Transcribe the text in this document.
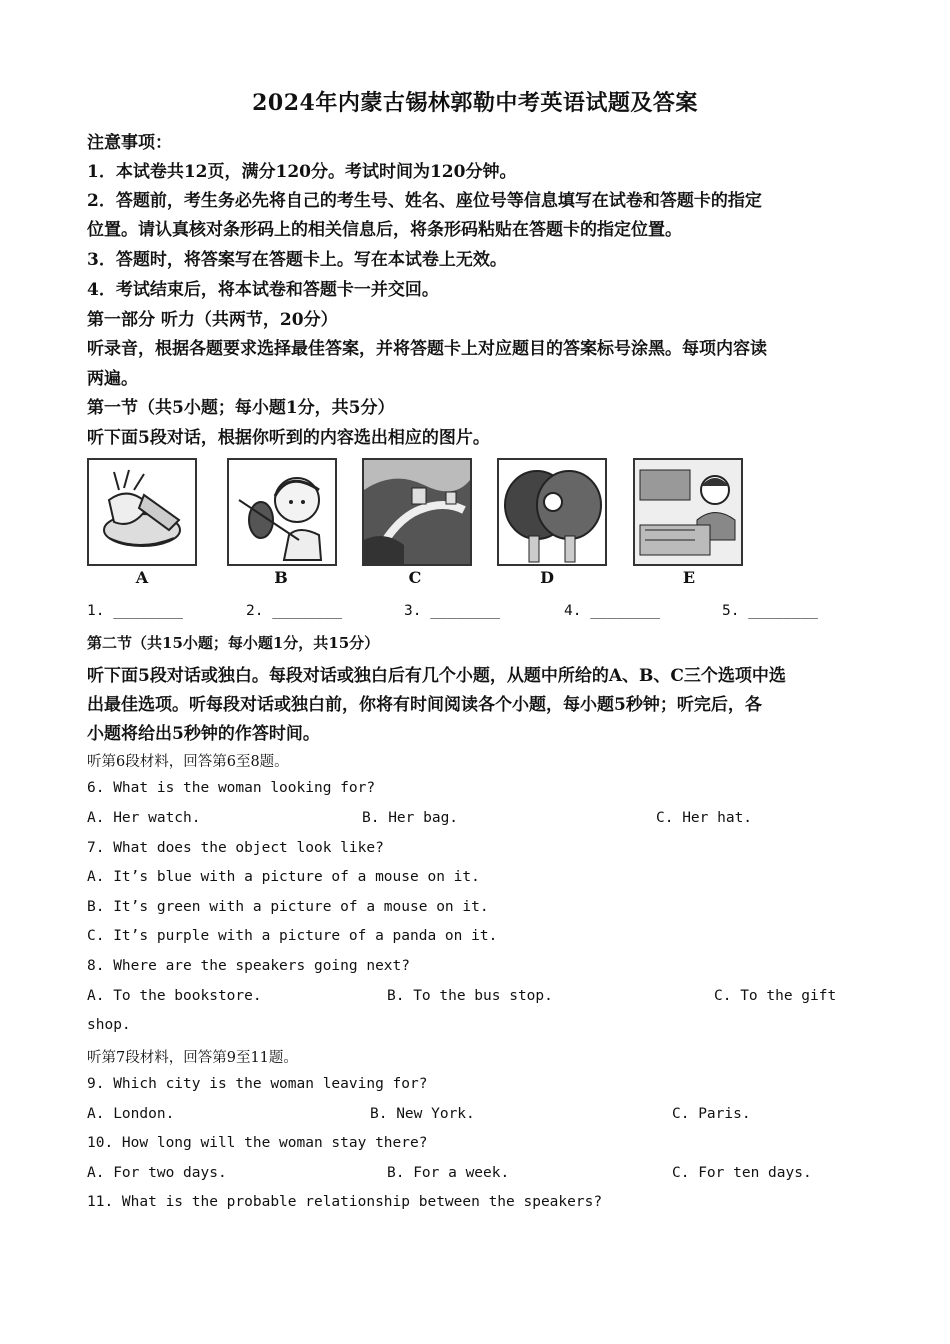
2024年内蒙古锡林郭勒中考英语试题及答案
注意事项：
1．本试卷共12页，满分120分。考试时间为120分钟。
2．答题前，考生务必先将自己的考生号、姓名、座位号等信息填写在试卷和答题卡的指定
位置。请认真核对条形码上的相关信息后，将条形码粘贴在答题卡的指定位置。
3．答题时，将答案写在答题卡上。写在本试卷上无效。
4．考试结束后，将本试卷和答题卡一并交回。
第一部分 听力（共两节，20分）
听录音，根据各题要求选择最佳答案，并将答题卡上对应题目的答案标号涂黑。每项内容读
两遍。
第一节（共5小题；每小题1分，共5分）
听下面5段对话，根据你听到的内容选出相应的图片。
A	B	C	D	E
1. ________	2. ________	3. ________	4. ________	5. ________
第二节（共15小题；每小题1分，共15分）
听下面5段对话或独白。每段对话或独白后有几个小题，从题中所给的A、B、C三个选项中选
出最佳选项。听每段对话或独白前，你将有时间阅读各个小题，每小题5秒钟；听完后，各
小题将给出5秒钟的作答时间。
听第6段材料，回答第6至8题。
6. What is the woman looking for?
A. Her watch.	B. Her bag.	C. Her hat.
7. What does the object look like?
A. It’s blue with a picture of a mouse on it.
B. It’s green with a picture of a mouse on it.
C. It’s purple with a picture of a panda on it.
8. Where are the speakers going next?
A. To the bookstore.	B. To the bus stop.	C. To the gift
shop.
听第7段材料，回答第9至11题。
9. Which city is the woman leaving for?
A. London.	B. New York.	C. Paris.
10. How long will the woman stay there?
A. For two days.	B. For a week.	C. For ten days.
11. What is the probable relationship between the speakers?
